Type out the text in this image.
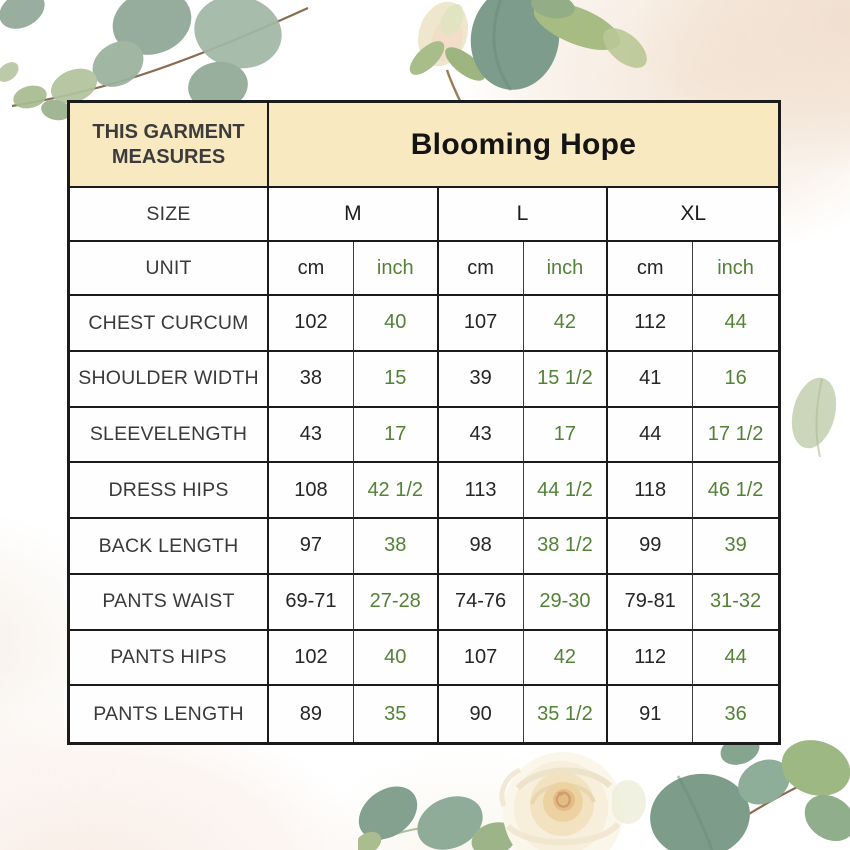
THIS GARMENT MEASURES	Blooming Hope
SIZE	M	L	XL
UNIT	cm	inch	cm	inch	cm	inch
CHEST CURCUM	102	40	107	42	112	44
SHOULDER WIDTH	38	15	39	15 1/2	41	16
SLEEVELENGTH	43	17	43	17	44	17 1/2
DRESS HIPS	108	42 1/2	113	44 1/2	118	46 1/2
BACK LENGTH	97	38	98	38 1/2	99	39
PANTS WAIST	69-71	27-28	74-76	29-30	79-81	31-32
PANTS HIPS	102	40	107	42	112	44
PANTS LENGTH	89	35	90	35 1/2	91	36
